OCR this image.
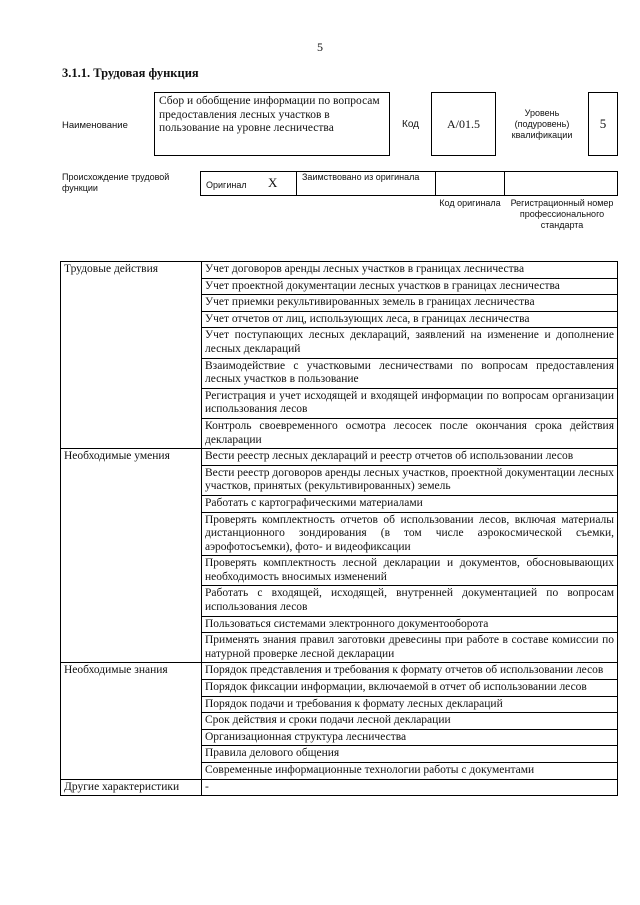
5
3.1.1. Трудовая функция
Наименование
Сбор и обобщение информации по вопросам предоставления лесных участков в пользование на уровне лесничества	Код А/01.5
Уровень (подуровень) квалификации
5
Происхождение трудовой функции	Оригинал Х	Заимствовано из оригинала
Код оригинала	Регистрационный номер профессионального стандарта
Трудовые действия	Учет договоров аренды лесных участков в границах лесничества
	Учет проектной документации лесных участков в границах лесничества
	Учет приемки рекультивированных земель в границах лесничества
	Учет отчетов от лиц, использующих леса, в границах лесничества
	Учет поступающих лесных деклараций, заявлений на изменение и дополнение лесных деклараций
	Взаимодействие с участковыми лесничествами по вопросам предоставления лесных участков в пользование
	Регистрация и учет исходящей и входящей информации по вопросам организации использования лесов
	Контроль своевременного осмотра лесосек после окончания срока действия декларации
Необходимые умения	Вести реестр лесных деклараций и реестр отчетов об использовании лесов
	Вести реестр договоров аренды лесных участков, проектной документации лесных участков, принятых (рекультивированных) земель
	Работать с картографическими материалами
	Проверять комплектность отчетов об использовании лесов, включая материалы дистанционного зондирования (в том числе аэрокосмической съемки, аэрофотосъемки), фото- и видеофиксации
	Проверять комплектность лесной декларации и документов, обосновывающих необходимость вносимых изменений
	Работать с входящей, исходящей, внутренней документацией по вопросам использования лесов
	Пользоваться системами электронного документооборота
	Применять знания правил заготовки древесины при работе в составе комиссии по натурной проверке лесной декларации
Необходимые знания	Порядок представления и требования к формату отчетов об использовании лесов
	Порядок фиксации информации, включаемой в отчет об использовании лесов
	Порядок подачи и требования к формату лесных деклараций
	Срок действия и сроки подачи лесной декларации
	Организационная структура лесничества
	Правила делового общения
	Современные информационные технологии работы с документами
Другие характеристики	-
